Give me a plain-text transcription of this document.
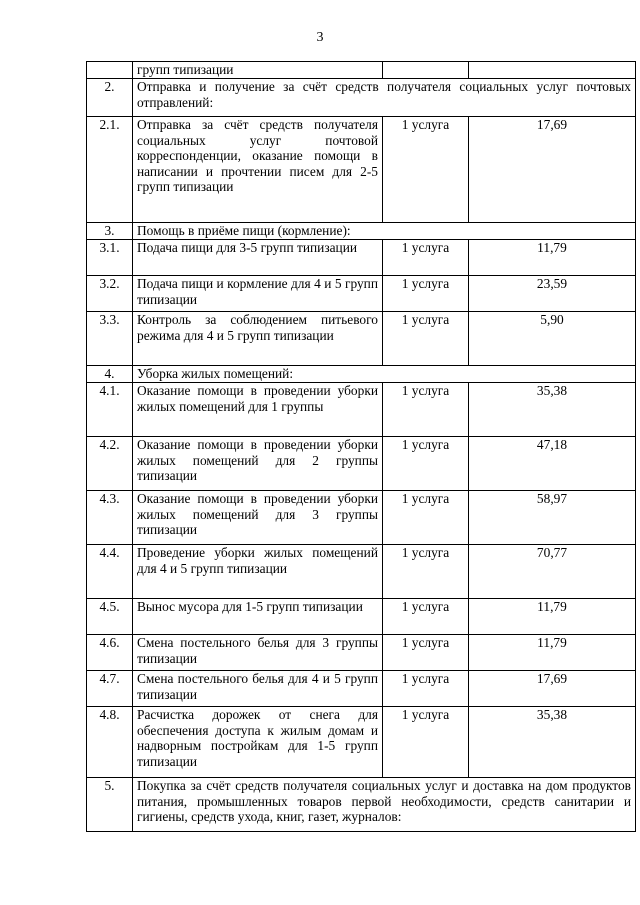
3
	групп типизации		
2.	Отправка и получение за счёт средств получателя социальных услуг почтовых отправлений:		
2.1.	Отправка за счёт средств получателя социальных услуг почтовой корреспонденции, оказание помощи в написании и прочтении писем для 2-5 групп типизации	1 услуга	17,69
3.	Помощь в приёме пищи (кормление):		
3.1.	Подача пищи для 3-5 групп типизации	1 услуга	11,79
3.2.	Подача пищи и кормление для 4 и 5 групп типизации	1 услуга	23,59
3.3.	Контроль за соблюдением питьевого режима для 4 и 5 групп типизации	1 услуга	5,90
4.	Уборка жилых помещений:		
4.1.	Оказание помощи в проведении уборки жилых помещений для 1 группы	1 услуга	35,38
4.2.	Оказание помощи в проведении уборки жилых помещений для 2 группы типизации	1 услуга	47,18
4.3.	Оказание помощи в проведении уборки жилых помещений для 3 группы типизации	1 услуга	58,97
4.4.	Проведение уборки жилых помещений для 4 и 5 групп типизации	1 услуга	70,77
4.5.	Вынос мусора для 1-5 групп типизации	1 услуга	11,79
4.6.	Смена постельного белья для 3 группы типизации	1 услуга	11,79
4.7.	Смена постельного белья для 4 и 5 групп типизации	1 услуга	17,69
4.8.	Расчистка дорожек от снега для обеспечения доступа к жилым домам и надворным постройкам для 1-5 групп типизации	1 услуга	35,38
5.	Покупка за счёт средств получателя социальных услуг и доставка на дом продуктов питания, промышленных товаров первой необходимости, средств санитарии и гигиены, средств ухода, книг, газет, журналов:		
